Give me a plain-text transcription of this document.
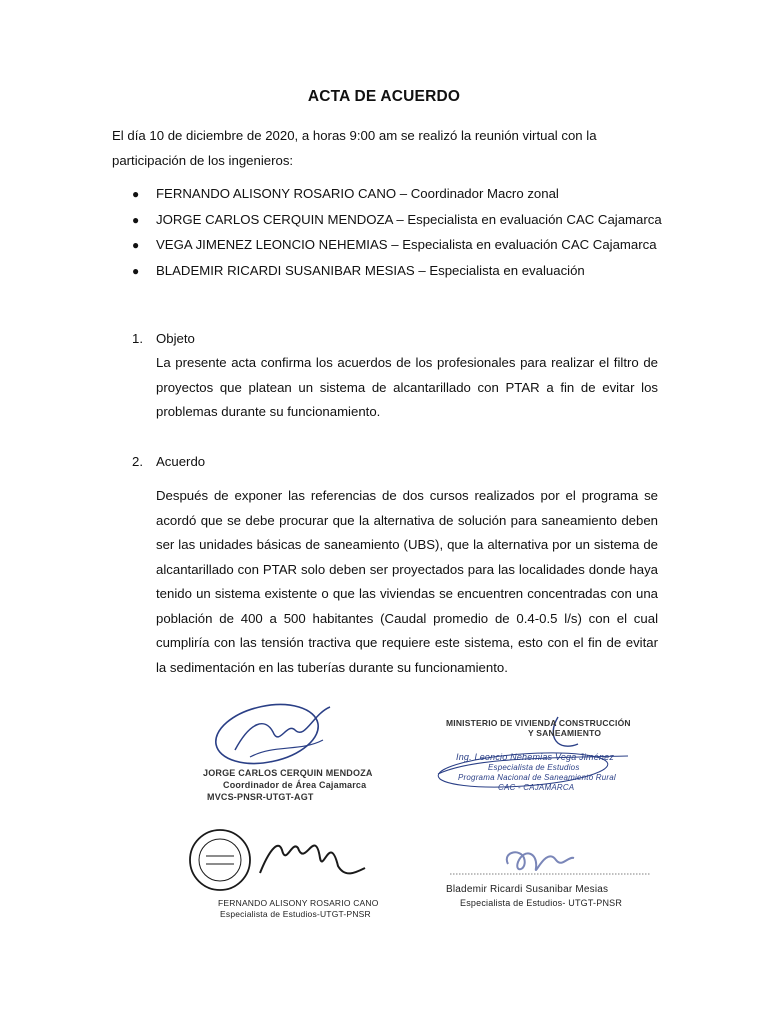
ACTA DE ACUERDO
El día 10 de diciembre de 2020, a horas 9:00 am se realizó la reunión virtual con la participación de los ingenieros:
● FERNANDO ALISONY ROSARIO CANO – Coordinador Macro zonal
● JORGE CARLOS CERQUIN MENDOZA – Especialista en evaluación CAC Cajamarca
● VEGA JIMENEZ LEONCIO NEHEMIAS – Especialista en evaluación CAC Cajamarca
● BLADEMIR RICARDI SUSANIBAR MESIAS – Especialista en evaluación
1. Objeto
La presente acta confirma los acuerdos de los profesionales para realizar el filtro de proyectos que platean un sistema de alcantarillado con PTAR a fin de evitar los problemas durante su funcionamiento.
2. Acuerdo
Después de exponer las referencias de dos cursos realizados por el programa se acordó que se debe procurar que la alternativa de solución para saneamiento deben ser las unidades básicas de saneamiento (UBS), que la alternativa por un sistema de alcantarillado con PTAR solo deben ser proyectados para las localidades donde haya tenido un sistema existente o que las viviendas se encuentren concentradas con una población de 400 a 500 habitantes (Caudal promedio de 0.4-0.5 l/s) con el cual cumpliría con las tensión tractiva que requiere este sistema, esto con el fin de evitar la sedimentación en las tuberías durante su funcionamiento.
JORGE CARLOS CERQUIN MENDOZA
Coordinador de Área Cajamarca
MVCS-PNSR-UTGT-AGT
MINISTERIO DE VIVIENDA CONSTRUCCIÓN
Y SANEAMIENTO
Ing. Leoncio Nehemias Vega Jiménez
Especialista de Estudios
Programa Nacional de Saneamiento Rural
CAC - CAJAMARCA
FERNANDO ALISONY ROSARIO CANO
Especialista de Estudios-UTGT-PNSR
Blademir Ricardi Susanibar Mesias
Especialista de Estudios- UTGT-PNSR
